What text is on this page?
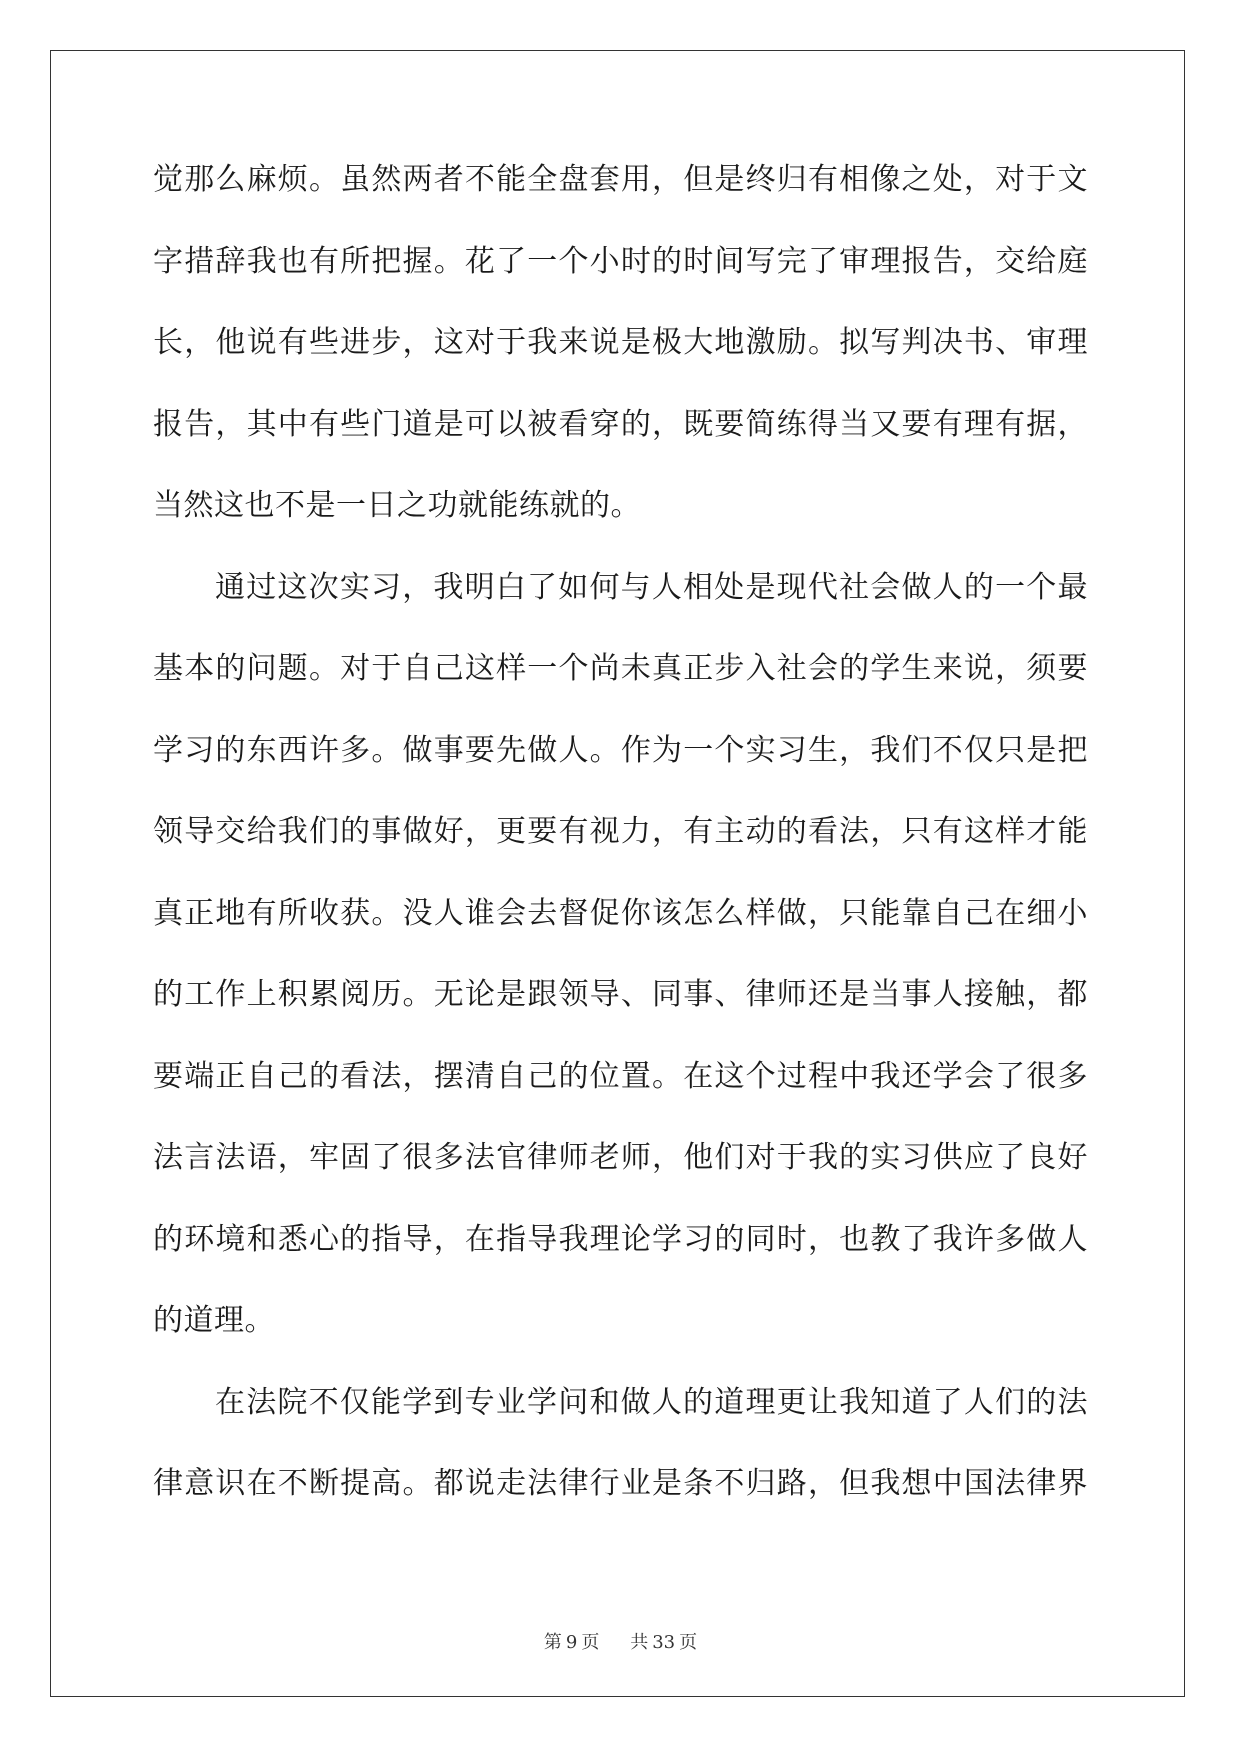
觉那么麻烦。虽然两者不能全盘套用，但是终归有相像之处，对于文
字措辞我也有所把握。花了一个小时的时间写完了审理报告，交给庭
长，他说有些进步，这对于我来说是极大地激励。拟写判决书、审理
报告，其中有些门道是可以被看穿的，既要简练得当又要有理有据，
当然这也不是一日之功就能练就的。
通过这次实习，我明白了如何与人相处是现代社会做人的一个最
基本的问题。对于自己这样一个尚未真正步入社会的学生来说，须要
学习的东西许多。做事要先做人。作为一个实习生，我们不仅只是把
领导交给我们的事做好，更要有视力，有主动的看法，只有这样才能
真正地有所收获。没人谁会去督促你该怎么样做，只能靠自己在细小
的工作上积累阅历。无论是跟领导、同事、律师还是当事人接触，都
要端正自己的看法，摆清自己的位置。在这个过程中我还学会了很多
法言法语，牢固了很多法官律师老师，他们对于我的实习供应了良好
的环境和悉心的指导，在指导我理论学习的同时，也教了我许多做人
的道理。
在法院不仅能学到专业学问和做人的道理更让我知道了人们的法
律意识在不断提高。都说走法律行业是条不归路，但我想中国法律界
第 9 页 共 33 页
